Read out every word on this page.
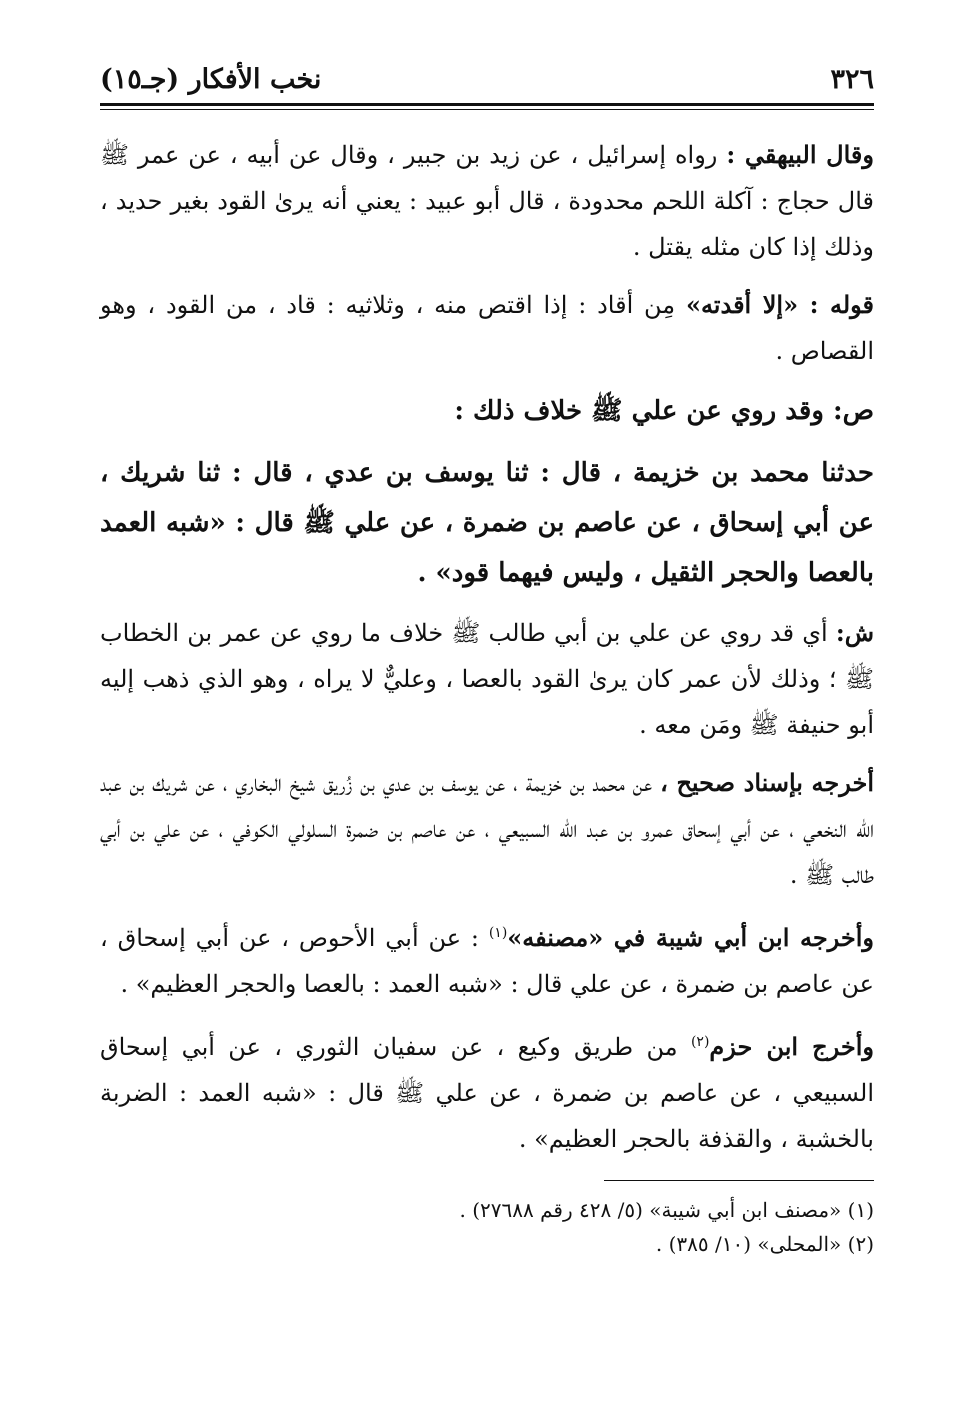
٣٢٦
نخب الأفكار (جـ١٥)

وقال البيهقي : رواه إسرائيل ، عن زيد بن جبير ، وقال عن أبيه ، عن عمر ﷺ قال حجاج : آكلة اللحم محدودة ، قال أبو عبيد : يعني أنه يرىٰ القود بغير حديد ، وذلك إذا كان مثله يقتل .

قوله : «إلا أقدته» مِن أقاد : إذا اقتص منه ، وثلاثيه : قاد ، من القود ، وهو القصاص .

ص: وقد روي عن علي ﷺ خلاف ذلك :

حدثنا محمد بن خزيمة ، قال : ثنا يوسف بن عدي ، قال : ثنا شريك ، عن أبي إسحاق ، عن عاصم بن ضمرة ، عن علي ﷺ قال : «شبه العمد بالعصا والحجر الثقيل ، وليس فيهما قود» .

ش: أي قد روي عن علي بن أبي طالب ﷺ خلاف ما روي عن عمر بن الخطاب ﷺ ؛ وذلك لأن عمر كان يرىٰ القود بالعصا ، وعليٌّ لا يراه ، وهو الذي ذهب إليه أبو حنيفة ﷺ ومَن معه .

أخرجه بإسناد صحيح ، عن محمد بن خزيمة ، عن يوسف بن عدي بن زُريق شيخ البخاري ، عن شريك بن عبد الله النخعي ، عن أبي إسحاق عمرو بن عبد الله السبيعي ، عن عاصم بن ضمرة السلولي الكوفي ، عن علي بن أبي طالب ﷺ .

وأخرجه ابن أبي شيبة في «مصنفه»$^{(١)}$ : عن أبي الأحوص ، عن أبي إسحاق ، عن عاصم بن ضمرة ، عن علي قال : «شبه العمد : بالعصا والحجر العظيم» .

وأخرج ابن حزم$^{(٢)}$ من طريق وكيع ، عن سفيان الثوري ، عن أبي إسحاق السبيعي ، عن عاصم بن ضمرة ، عن علي ﷺ قال : «شبه العمد : الضربة بالخشبة ، والقذفة بالحجر العظيم» .

(١) «مصنف ابن أبي شيبة» (٥/ ٤٢٨ رقم ٢٧٦٨٨) .

(٢) «المحلى» (١٠/ ٣٨٥) .
